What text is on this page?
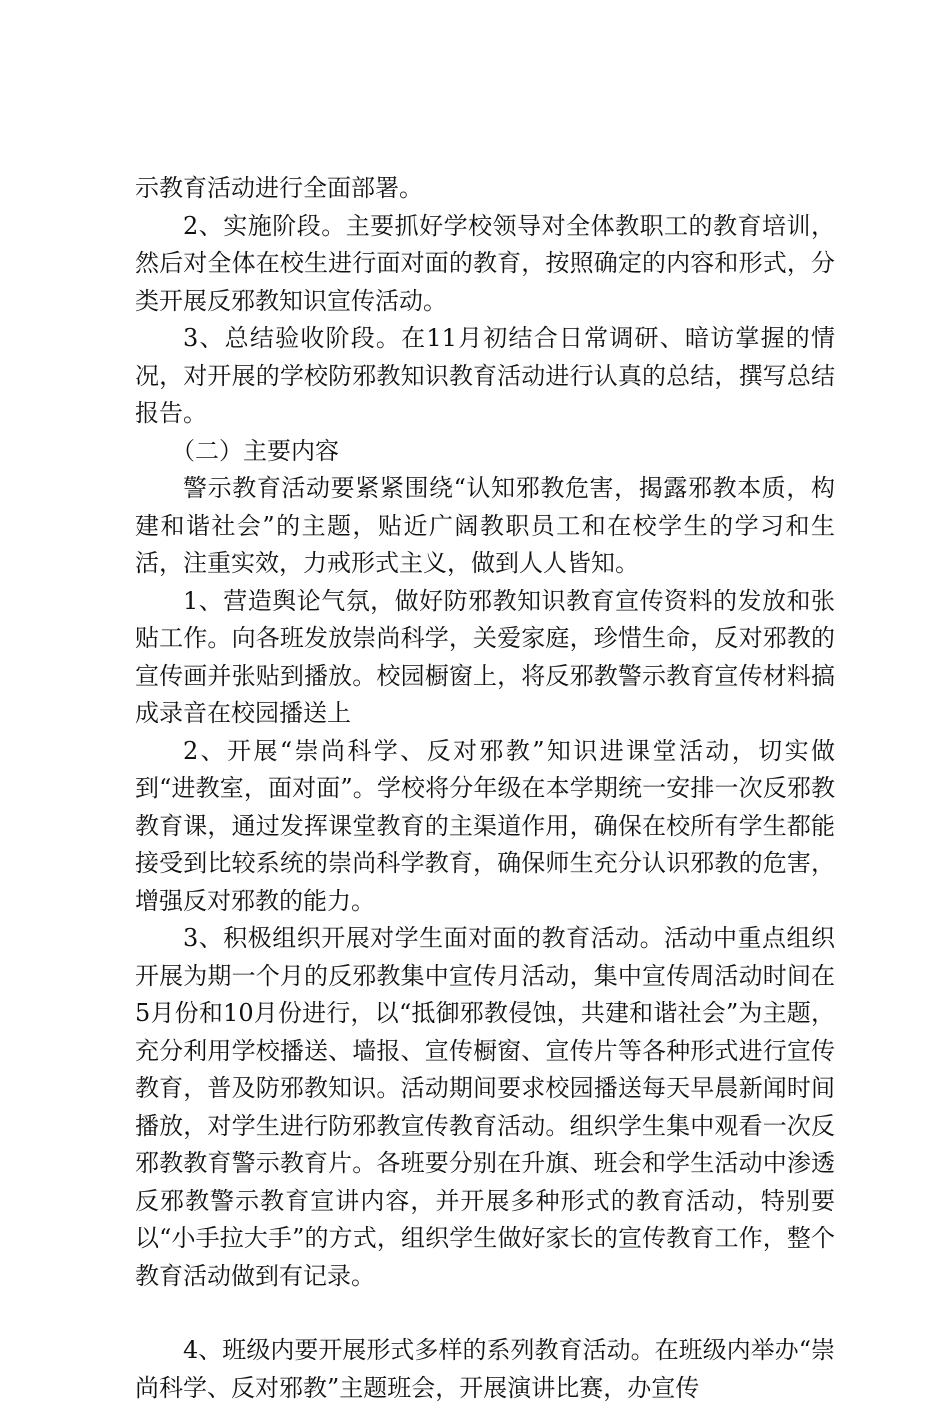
示教育活动进行全面部署。

2、实施阶段。主要抓好学校领导对全体教职工的教育培训，然后对全体在校生进行面对面的教育，按照确定的内容和形式，分类开展反邪教知识宣传活动。

3、总结验收阶段。在11月初结合日常调研、暗访掌握的情况，对开展的学校防邪教知识教育活动进行认真的总结，撰写总结报告。

（二）主要内容

警示教育活动要紧紧围绕“认知邪教危害，揭露邪教本质，构建和谐社会”的主题，贴近广阔教职员工和在校学生的学习和生活，注重实效，力戒形式主义，做到人人皆知。

1、营造舆论气氛，做好防邪教知识教育宣传资料的发放和张贴工作。向各班发放崇尚科学，关爱家庭，珍惜生命，反对邪教的宣传画并张贴到播放。校园橱窗上，将反邪教警示教育宣传材料搞成录音在校园播送上

2、开展“崇尚科学、反对邪教”知识进课堂活动，切实做到“进教室，面对面”。学校将分年级在本学期统一安排一次反邪教教育课，通过发挥课堂教育的主渠道作用，确保在校所有学生都能接受到比较系统的崇尚科学教育，确保师生充分认识邪教的危害，增强反对邪教的能力。

3、积极组织开展对学生面对面的教育活动。活动中重点组织开展为期一个月的反邪教集中宣传月活动，集中宣传周活动时间在5月份和10月份进行，以“抵御邪教侵蚀，共建和谐社会”为主题，充分利用学校播送、墙报、宣传橱窗、宣传片等各种形式进行宣传教育，普及防邪教知识。活动期间要求校园播送每天早晨新闻时间播放，对学生进行防邪教宣传教育活动。组织学生集中观看一次反邪教教育警示教育片。各班要分别在升旗、班会和学生活动中渗透反邪教警示教育宣讲内容，并开展多种形式的教育活动，特别要以“小手拉大手”的方式，组织学生做好家长的宣传教育工作，整个教育活动做到有记录。

4、班级内要开展形式多样的系列教育活动。在班级内举办“崇尚科学、反对邪教”主题班会，开展演讲比赛，办宣传
